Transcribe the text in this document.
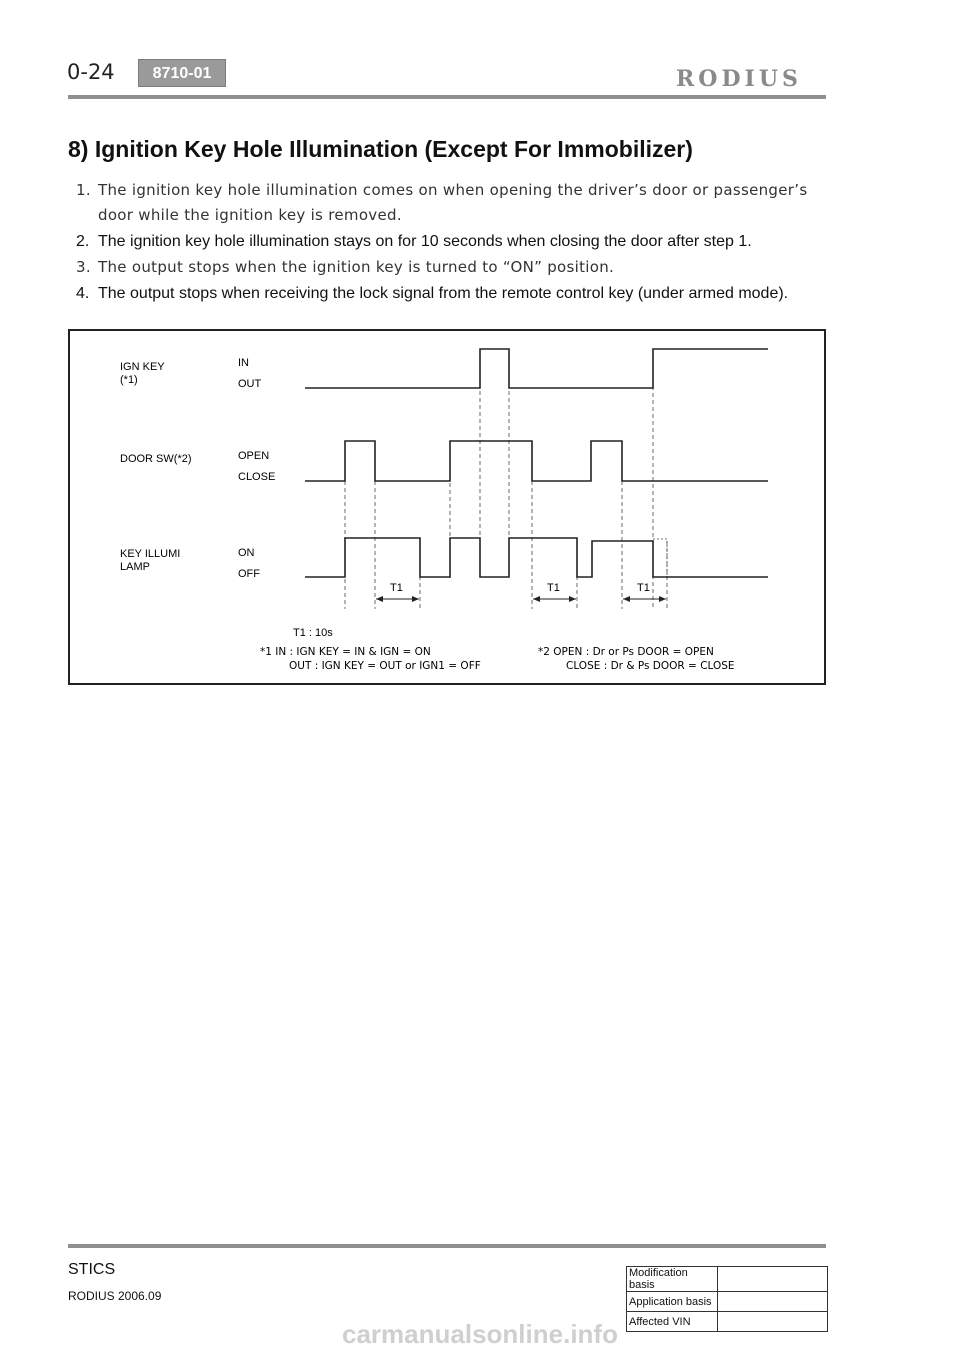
0-24	8710-01	RODIUS
8) Ignition Key Hole Illumination (Except For Immobilizer)
1. The ignition key hole illumination comes on when opening the driver’s door or passenger’s door while the ignition key is removed.
2. The ignition key hole illumination stays on for 10 seconds when closing the door after step 1.
3. The output stops when the ignition key is turned to “ON” position.
4. The output stops when receiving the lock signal from the remote control key (under armed mode).
IGN KEY
(*1)
DOOR SW(*2)
KEY ILLUMI
LAMP
IN
OUT
OPEN
CLOSE
ON
OFF
T1	T1	T1
T1 : 10s
*1 IN : IGN KEY = IN & IGN = ON
OUT : IGN KEY = OUT or IGN1 = OFF
*2 OPEN : Dr or Ps DOOR = OPEN
CLOSE : Dr & Ps DOOR = CLOSE
STICS
RODIUS 2006.09
Modification basis	
Application basis	
Affected VIN	
carmanualsonline.info
